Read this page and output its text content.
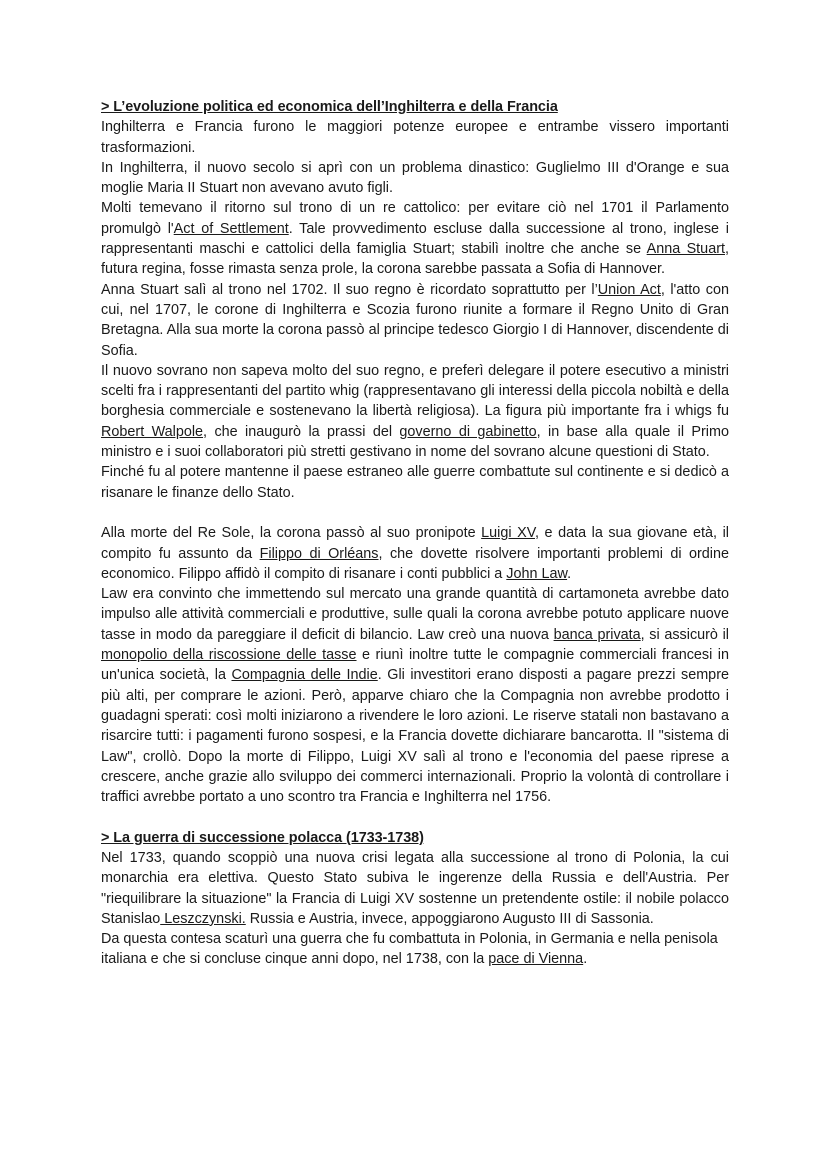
> L’evoluzione politica ed economica dell’Inghilterra e della Francia

Inghilterra e Francia furono le maggiori potenze europee e entrambe vissero importanti trasformazioni.

In Inghilterra, il nuovo secolo si aprì con un problema dinastico: Guglielmo III d'Orange e sua moglie Maria II Stuart non avevano avuto figli.

Molti temevano il ritorno sul trono di un re cattolico: per evitare ciò nel 1701 il Parlamento promulgò l'Act of Settlement. Tale provvedimento escluse dalla successione al trono, inglese i rappresentanti maschi e cattolici della famiglia Stuart; stabilì inoltre che anche se Anna Stuart, futura regina, fosse rimasta senza prole, la corona sarebbe passata a Sofia di Hannover.

Anna Stuart salì al trono nel 1702. Il suo regno è ricordato soprattutto per l’Union Act, l'atto con cui, nel 1707, le corone di Inghilterra e Scozia furono riunite a formare il Regno Unito di Gran Bretagna. Alla sua morte la corona passò al principe tedesco Giorgio I di Hannover, discendente di Sofia.

Il nuovo sovrano non sapeva molto del suo regno, e preferì delegare il potere esecutivo a ministri scelti fra i rappresentanti del partito whig (rappresentavano gli interessi della piccola nobiltà e della borghesia commerciale e sostenevano la libertà religiosa). La figura più importante fra i whigs fu Robert Walpole, che inaugurò la prassi del governo di gabinetto, in base alla quale il Primo ministro e i suoi collaboratori più stretti gestivano in nome del sovrano alcune questioni di Stato.

Finché fu al potere mantenne il paese estraneo alle guerre combattute sul continente e si dedicò a risanare le finanze dello Stato.

Alla morte del Re Sole, la corona passò al suo pronipote Luigi XV, e data la sua giovane età, il compito fu assunto da Filippo di Orléans, che dovette risolvere importanti problemi di ordine economico. Filippo affidò il compito di risanare i conti pubblici a John Law.

Law era convinto che immettendo sul mercato una grande quantità di cartamoneta avrebbe dato impulso alle attività commerciali e produttive, sulle quali la corona avrebbe potuto applicare nuove tasse in modo da pareggiare il deficit di bilancio. Law creò una nuova banca privata, si assicurò il monopolio della riscossione delle tasse e riunì inoltre tutte le compagnie commerciali francesi in un'unica società, la Compagnia delle Indie. Gli investitori erano disposti a pagare prezzi sempre più alti, per comprare le azioni. Però, apparve chiaro che la Compagnia non avrebbe prodotto i guadagni sperati: così molti iniziarono a rivendere le loro azioni. Le riserve statali non bastavano a risarcire tutti: i pagamenti furono sospesi, e la Francia dovette dichiarare bancarotta. Il "sistema di Law", crollò. Dopo la morte di Filippo, Luigi XV salì al trono e l'economia del paese riprese a crescere, anche grazie allo sviluppo dei commerci internazionali. Proprio la volontà di controllare i traffici avrebbe portato a uno scontro tra Francia e Inghilterra nel 1756.

> La guerra di successione polacca (1733-1738)

Nel 1733, quando scoppiò una nuova crisi legata alla successione al trono di Polonia, la cui monarchia era elettiva. Questo Stato subiva le ingerenze della Russia e dell'Austria. Per "riequilibrare la situazione" la Francia di Luigi XV sostenne un pretendente ostile: il nobile polacco Stanislao Leszczynski. Russia e Austria, invece, appoggiarono Augusto III di Sassonia.

Da questa contesa scaturì una guerra che fu combattuta in Polonia, in Germania e nella penisola italiana e che si concluse cinque anni dopo, nel 1738, con la pace di Vienna.
